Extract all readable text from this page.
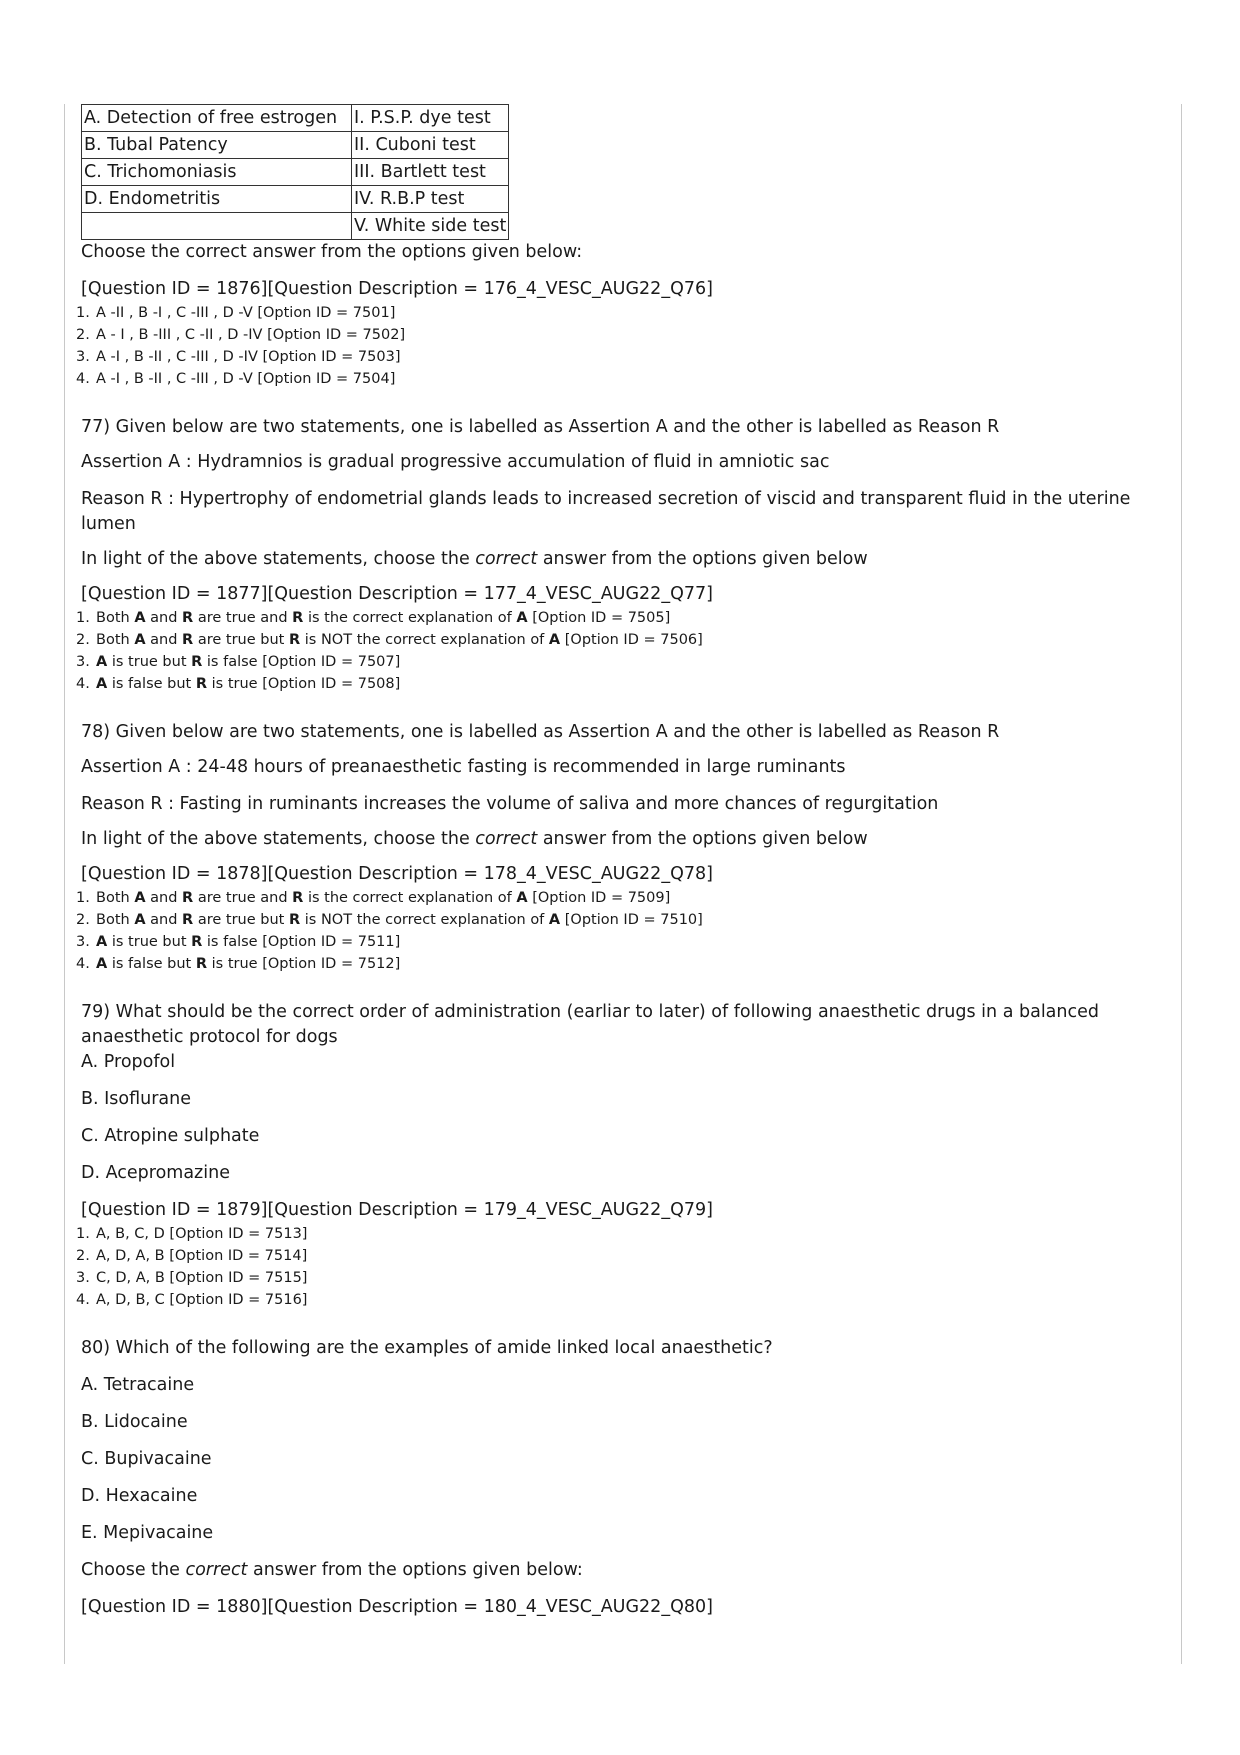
A. Detection of free estrogen	I. P.S.P. dye test
B. Tubal Patency	II. Cuboni test
C. Trichomoniasis	III. Bartlett test
D. Endometritis	IV. R.B.P test
	V. White side test

Choose the correct answer from the options given below:

[Question ID = 1876][Question Description = 176_4_VESC_AUG22_Q76]

1. A -II , B -I , C -III , D -V [Option ID = 7501]
2. A - I , B -III , C -II , D -IV [Option ID = 7502]
3. A -I , B -II , C -III , D -IV [Option ID = 7503]
4. A -I , B -II , C -III , D -V [Option ID = 7504]

77) Given below are two statements, one is labelled as Assertion A and the other is labelled as Reason R

Assertion A : Hydramnios is gradual progressive accumulation of fluid in amniotic sac

Reason R : Hypertrophy of endometrial glands leads to increased secretion of viscid and transparent fluid in the uterine lumen

In light of the above statements, choose the correct answer from the options given below

[Question ID = 1877][Question Description = 177_4_VESC_AUG22_Q77]

1. Both A and R are true and R is the correct explanation of A [Option ID = 7505]
2. Both A and R are true but R is NOT the correct explanation of A [Option ID = 7506]
3. A is true but R is false [Option ID = 7507]
4. A is false but R is true [Option ID = 7508]

78) Given below are two statements, one is labelled as Assertion A and the other is labelled as Reason R

Assertion A : 24-48 hours of preanaesthetic fasting is recommended in large ruminants

Reason R : Fasting in ruminants increases the volume of saliva and more chances of regurgitation

In light of the above statements, choose the correct answer from the options given below

[Question ID = 1878][Question Description = 178_4_VESC_AUG22_Q78]

1. Both A and R are true and R is the correct explanation of A [Option ID = 7509]
2. Both A and R are true but R is NOT the correct explanation of A [Option ID = 7510]
3. A is true but R is false [Option ID = 7511]
4. A is false but R is true [Option ID = 7512]

79) What should be the correct order of administration (earliar to later) of following anaesthetic drugs in a balanced anaesthetic protocol for dogs

A. Propofol

B. Isoflurane

C. Atropine sulphate

D. Acepromazine

[Question ID = 1879][Question Description = 179_4_VESC_AUG22_Q79]

1. A, B, C, D [Option ID = 7513]
2. A, D, A, B [Option ID = 7514]
3. C, D, A, B [Option ID = 7515]
4. A, D, B, C [Option ID = 7516]

80) Which of the following are the examples of amide linked local anaesthetic?

A. Tetracaine

B. Lidocaine

C. Bupivacaine

D. Hexacaine

E. Mepivacaine

Choose the correct answer from the options given below:

[Question ID = 1880][Question Description = 180_4_VESC_AUG22_Q80]
